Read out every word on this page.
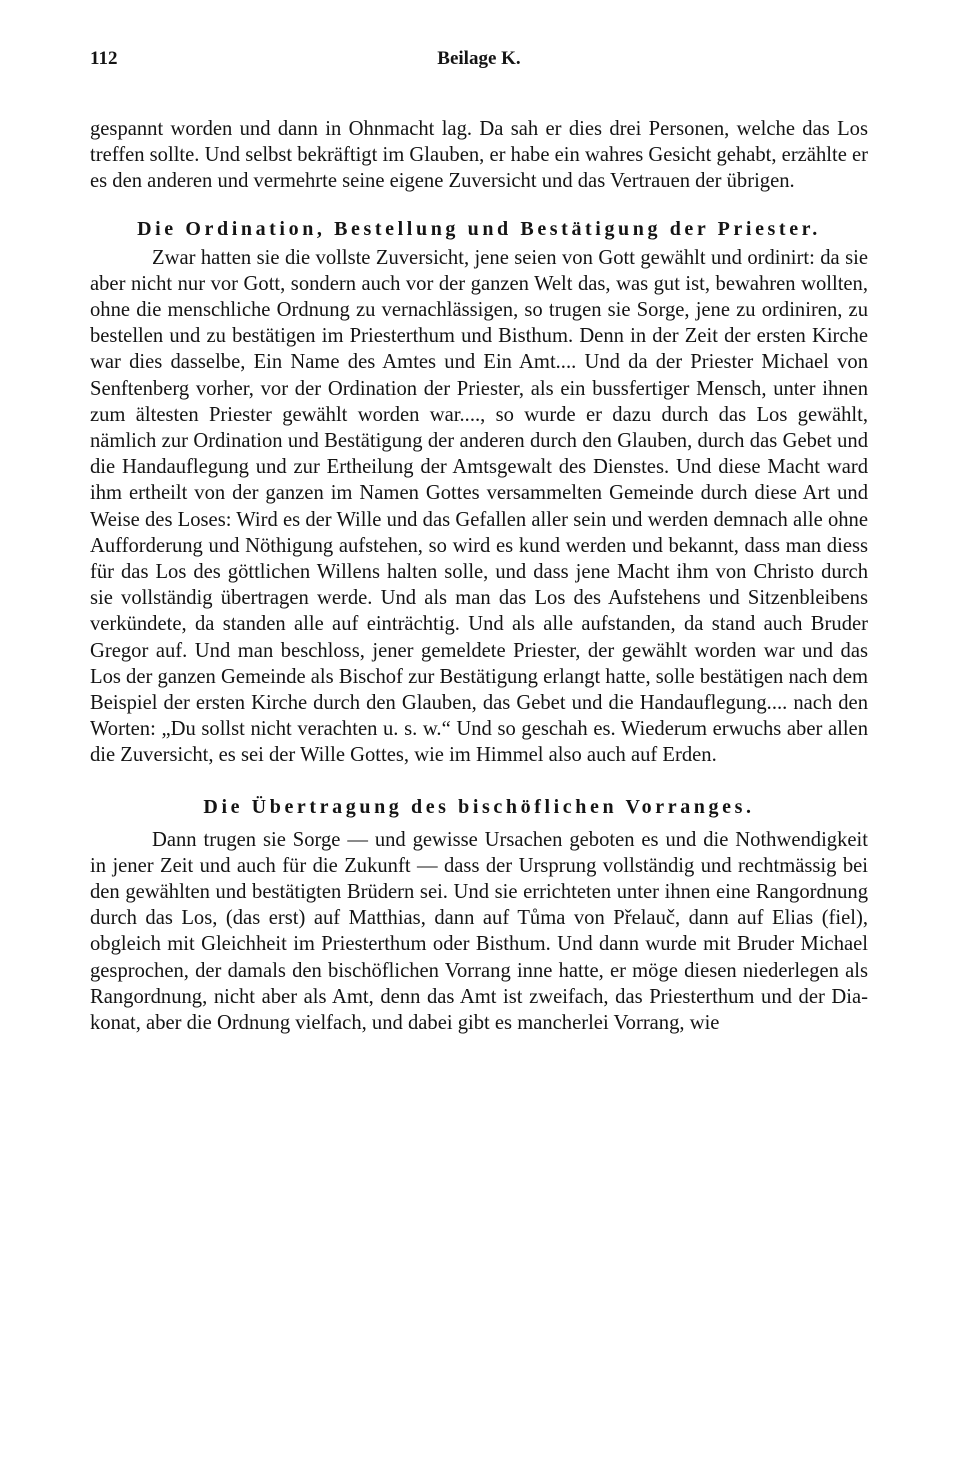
112	Beilage K.

gespannt worden und dann in Ohnmacht lag. Da sah er dies drei Personen, welche das Los treffen sollte. Und selbst bekräftigt im Glauben, er habe ein wahres Gesicht gehabt, erzählte er es den anderen und vermehrte seine eigene Zuversicht und das Vertrauen der übrigen.

Die Ordination, Bestellung und Bestätigung der Priester.

Zwar hatten sie die vollste Zuversicht, jene seien von Gott gewählt und ordinirt: da sie aber nicht nur vor Gott, sondern auch vor der ganzen Welt das, was gut ist, bewahren wollten, ohne die menschliche Ordnung zu vernachlässigen, so trugen sie Sorge, jene zu ordiniren, zu bestellen und zu bestätigen im Priesterthum und Bisthum. Denn in der Zeit der ersten Kirche war dies dasselbe, Ein Name des Amtes und Ein Amt.... Und da der Priester Michael von Senftenberg vorher, vor der Ordination der Priester, als ein bussfertiger Mensch, unter ihnen zum ältesten Priester gewählt worden war...., so wurde er dazu durch das Los gewählt, nämlich zur Ordination und Bestätigung der anderen durch den Glauben, durch das Gebet und die Handauflegung und zur Ertheilung der Amtsgewalt des Dienstes. Und diese Macht ward ihm ertheilt von der ganzen im Namen Gottes versammelten Gemeinde durch diese Art und Weise des Loses: Wird es der Wille und das Gefallen aller sein und werden demnach alle ohne Aufforderung und Nöthigung aufstehen, so wird es kund werden und bekannt, dass man diess für das Los des göttlichen Willens halten solle, und dass jene Macht ihm von Christo durch sie vollständig übertragen werde. Und als man das Los des Aufstehens und Sitzenbleibens verkündete, da standen alle auf einträchtig. Und als alle aufstanden, da stand auch Bruder Gregor auf. Und man beschloss, jener gemeldete Priester, der gewählt worden war und das Los der ganzen Gemeinde als Bischof zur Bestätigung erlangt hatte, solle bestätigen nach dem Beispiel der ersten Kirche durch den Glauben, das Gebet und die Handauflegung.... nach den Worten: „Du sollst nicht verachten u. s. w.“ Und so geschah es. Wiederum erwuchs aber allen die Zuversicht, es sei der Wille Gottes, wie im Himmel also auch auf Erden.

Die Übertragung des bischöflichen Vorranges.

Dann trugen sie Sorge — und gewisse Ursachen geboten es und die Nothwendigkeit in jener Zeit und auch für die Zukunft — dass der Ursprung vollständig und rechtmässig bei den gewählten und bestätigten Brüdern sei. Und sie errichteten unter ihnen eine Rangordnung durch das Los, (das erst) auf Matthias, dann auf Tůma von Přelauč, dann auf Elias (fiel), obgleich mit Gleichheit im Priesterthum oder Bisthum. Und dann wurde mit Bruder Michael gesprochen, der damals den bischöflichen Vorrang inne hatte, er möge diesen niederlegen als Rangordnung, nicht aber als Amt, denn das Amt ist zweifach, das Priesterthum und der Diakonat, aber die Ordnung vielfach, und dabei gibt es mancherlei Vorrang, wie
